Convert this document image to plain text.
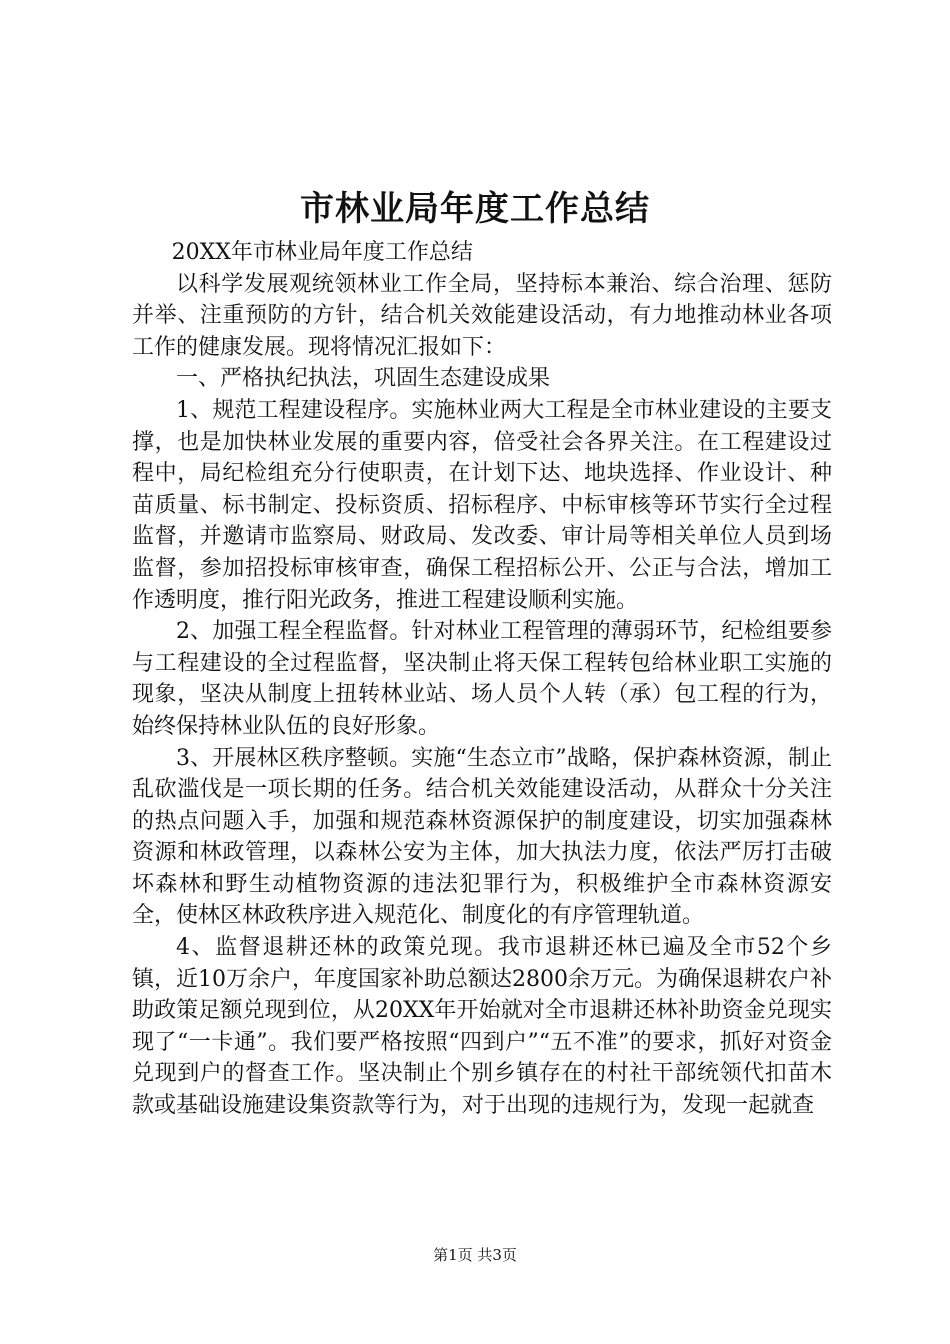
市林业局年度工作总结

20XX年市林业局年度工作总结

以科学发展观统领林业工作全局，坚持标本兼治、综合治理、惩防并举、注重预防的方针，结合机关效能建设活动，有力地推动林业各项工作的健康发展。现将情况汇报如下：

一、严格执纪执法，巩固生态建设成果

1、规范工程建设程序。实施林业两大工程是全市林业建设的主要支撑，也是加快林业发展的重要内容，倍受社会各界关注。在工程建设过程中，局纪检组充分行使职责，在计划下达、地块选择、作业设计、种苗质量、标书制定、投标资质、招标程序、中标审核等环节实行全过程监督，并邀请市监察局、财政局、发改委、审计局等相关单位人员到场监督，参加招投标审核审查，确保工程招标公开、公正与合法，增加工作透明度，推行阳光政务，推进工程建设顺利实施。

2、加强工程全程监督。针对林业工程管理的薄弱环节，纪检组要参与工程建设的全过程监督，坚决制止将天保工程转包给林业职工实施的现象，坚决从制度上扭转林业站、场人员个人转（承）包工程的行为，始终保持林业队伍的良好形象。

3、开展林区秩序整顿。实施“生态立市”战略，保护森林资源，制止乱砍滥伐是一项长期的任务。结合机关效能建设活动，从群众十分关注的热点问题入手，加强和规范森林资源保护的制度建设，切实加强森林资源和林政管理，以森林公安为主体，加大执法力度，依法严厉打击破坏森林和野生动植物资源的违法犯罪行为，积极维护全市森林资源安全，使林区林政秩序进入规范化、制度化的有序管理轨道。

4、监督退耕还林的政策兑现。我市退耕还林已遍及全市52个乡镇，近10万余户，年度国家补助总额达2800余万元。为确保退耕农户补助政策足额兑现到位，从20XX年开始就对全市退耕还林补助资金兑现实现了“一卡通”。我们要严格按照“四到户”“五不准”的要求，抓好对资金兑现到户的督查工作。坚决制止个别乡镇存在的村社干部统领代扣苗木款或基础设施建设集资款等行为，对于出现的违规行为，发现一起就查

第1页 共3页
